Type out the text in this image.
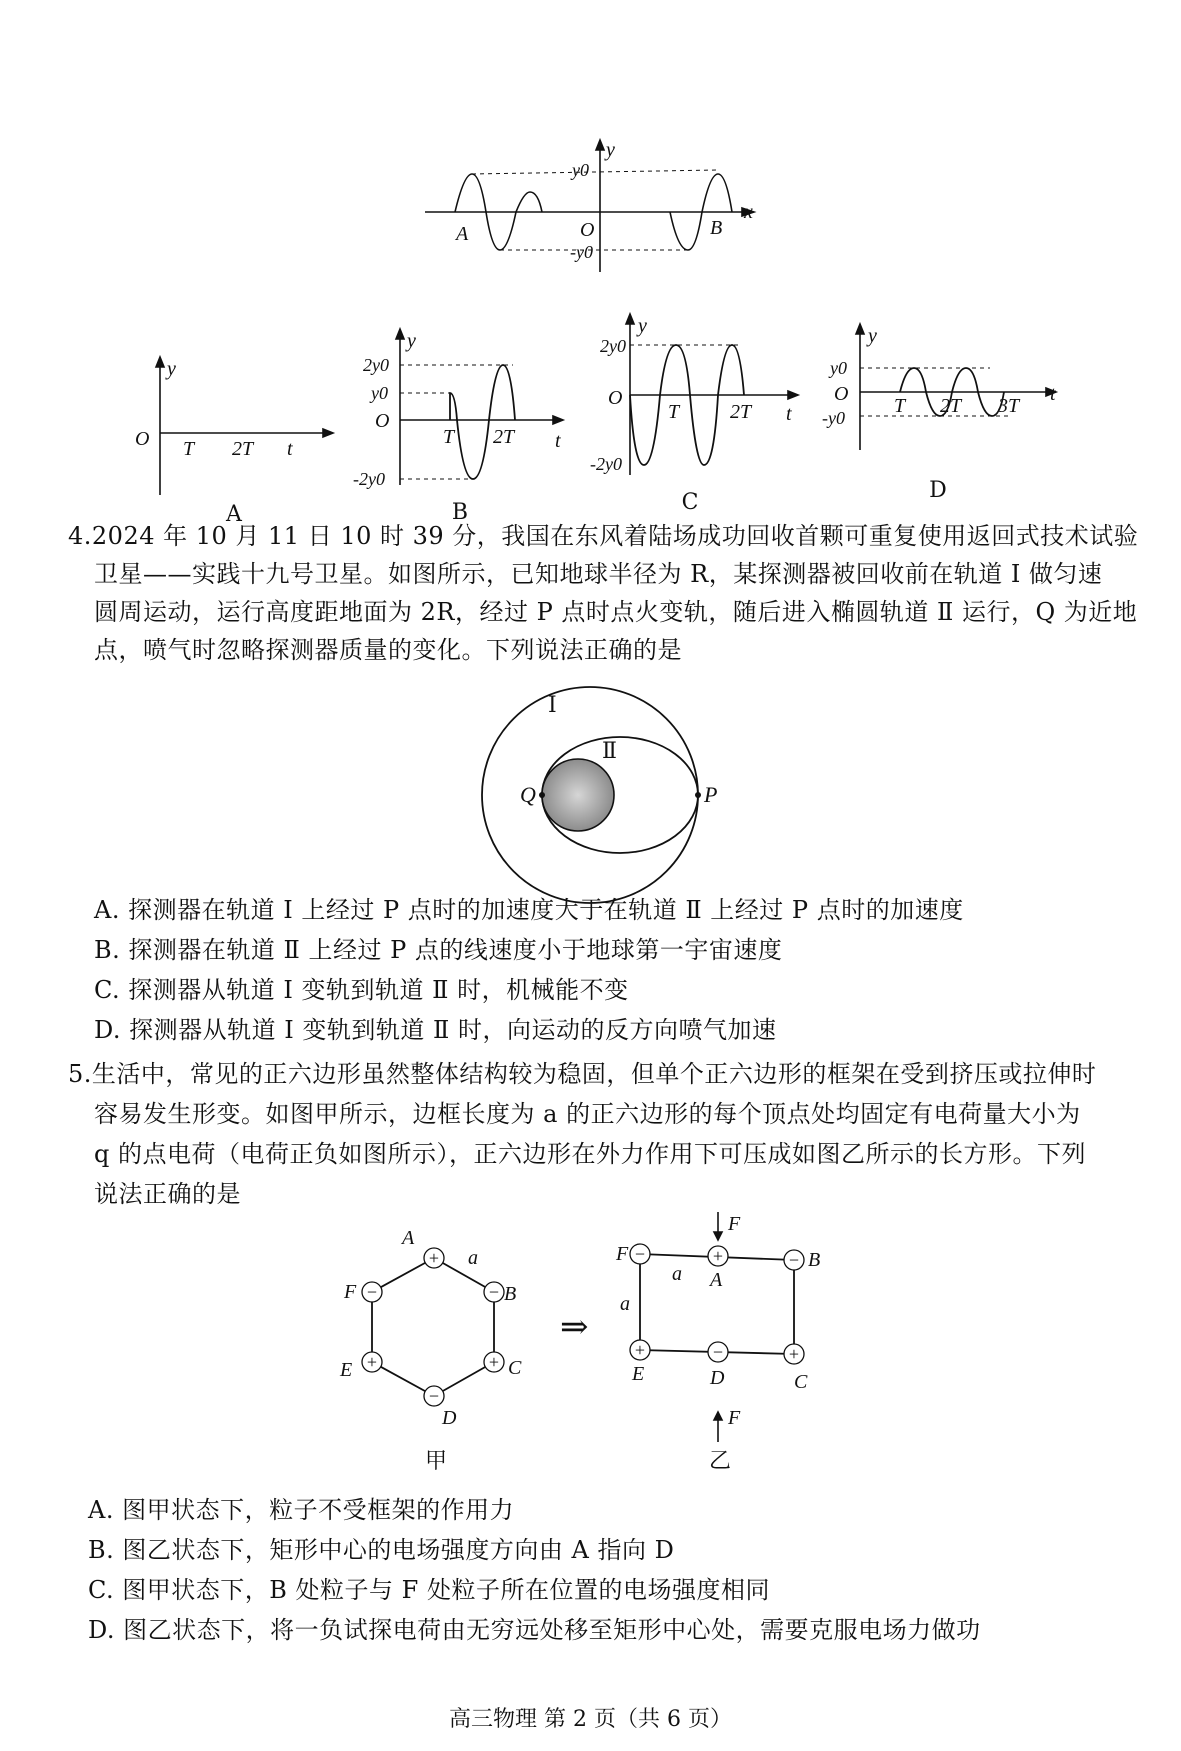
x
y
y0
-y0
O
A	B
y
O T 2T t
A
y
2y0
y0
O
-2y0
T 2T t
B
y
2y0
O
-2y0
T	2T t
C
y
y0
O
-y0
T 2T 3T
t
D
4.2024 年 10 月 11 日 10 时 39 分，我国在东风着陆场成功回收首颗可重复使用返回式技术试验
卫星——实践十九号卫星。如图所示，已知地球半径为 R，某探测器被回收前在轨道 Ⅰ 做匀速
圆周运动，运行高度距地面为 2R，经过 P 点时点火变轨，随后进入椭圆轨道 Ⅱ 运行，Q 为近地
点，喷气时忽略探测器质量的变化。下列说法正确的是
Ⅰ
Ⅱ
Q	P
A. 探测器在轨道 Ⅰ 上经过 P 点时的加速度大于在轨道 Ⅱ 上经过 P 点时的加速度
B. 探测器在轨道 Ⅱ 上经过 P 点的线速度小于地球第一宇宙速度
C. 探测器从轨道 Ⅰ 变轨到轨道 Ⅱ 时，机械能不变
D. 探测器从轨道 Ⅰ 变轨到轨道 Ⅱ 时，向运动的反方向喷气加速
5.生活中，常见的正六边形虽然整体结构较为稳固，但单个正六边形的框架在受到挤压或拉伸时
容易发生形变。如图甲所示，边框长度为 a 的正六边形的每个顶点处均固定有电荷量大小为
q 的点电荷（电荷正负如图所示），正六边形在外力作用下可压成如图乙所示的长方形。下列
说法正确的是
+
−
+
−
+
−
A
B
C
D
E
F
a
⇒
−	+	−
+	−	+
F
A
B
E	D	C
a
a
F
F
甲	乙
A. 图甲状态下，粒子不受框架的作用力
B. 图乙状态下，矩形中心的电场强度方向由 A 指向 D
C. 图甲状态下，B 处粒子与 F 处粒子所在位置的电场强度相同
D. 图乙状态下，将一负试探电荷由无穷远处移至矩形中心处，需要克服电场力做功
高三物理 第 2 页（共 6 页）
